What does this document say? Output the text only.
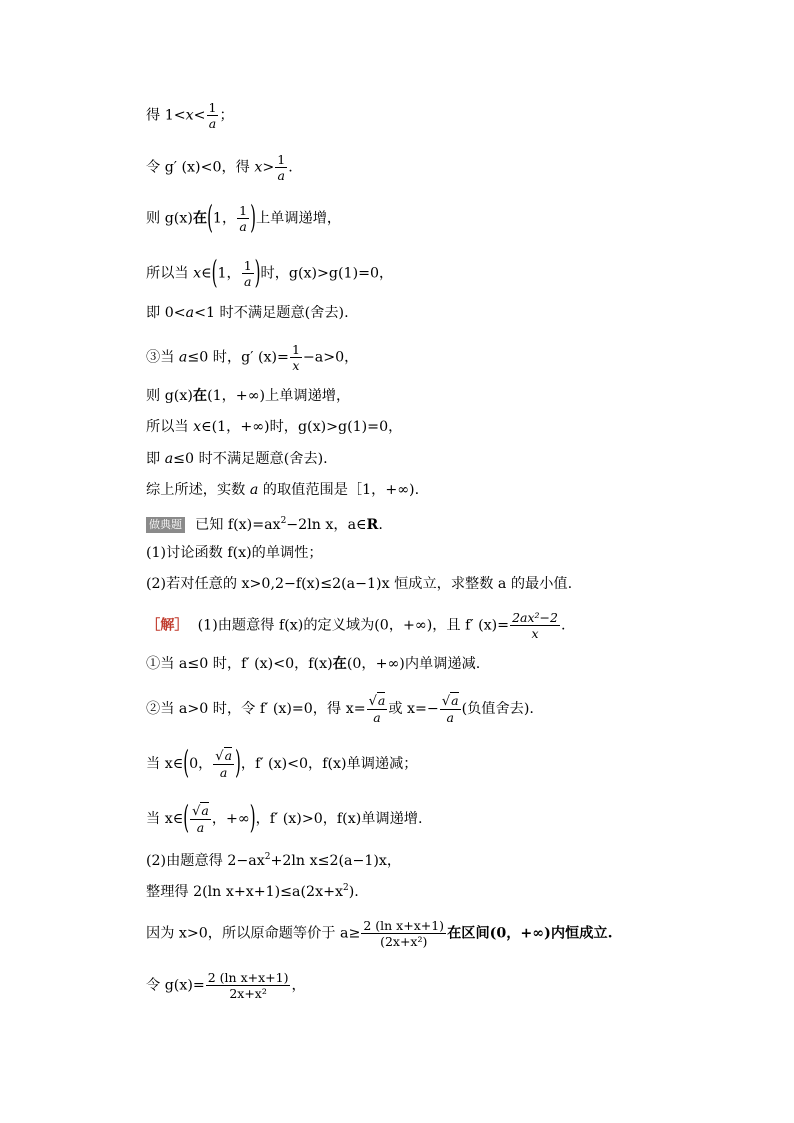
得 $1<x< \frac{1}{a}$ ；
令 g′ (x)<0，得 $x> \frac{1}{a}$ .
则 g(x)在(1， $\frac{1}{a}$ )上单调递增，
所以当 x∈(1， $\frac{1}{a}$ )时，g(x)>g(1)=0，
即 0<a<1 时不满足题意(舍去).
③当 a≤0 时，g′ $(x)= \frac{1}{x} -a>0$，
则 g(x)在(1，+∞)上单调递增，
所以当 x∈(1，+∞)时，g(x)>g(1)=0，
即 a≤0 时不满足题意(舍去).
综上所述，实数 a 的取值范围是［1，+∞).
做典题 已知 $f(x)=ax^2-2\ln$ x，a∈R.
(1)讨论函数 f(x)的单调性；
(2)若对任意的 x>0,2−f(x)≤2(a−1)x 恒成立，求整数 a 的最小值.
［解］ (1)由题意得 f(x)的定义域为(0，+∞)，且 f′ $(x)= \frac{\text{2ax²−2}}{x}$ .
①当 a≤0 时，f′ (x)<0，f(x)在(0，+∞)内单调递减.
②当 a>0 时，令 f′ (x)=0，得 $x= \frac{√a}{a}$ 或 $x=- \frac{√a}{a}$ (负值舍去).
当 x∈(0， $\frac{√a}{a}$ )，f′ (x)<0，f(x)单调递减；
当 x∈( $\frac{√a}{a}$ ，+∞)，f′ (x)>0，f(x)单调递增.
(2)由题意得 $2-ax^2+2\ln$ x≤2(a−1)x，
整理得 2(ln $x+x+1)\le a(2x+x^2)$.
因为 x>0，所以原命题等价于 $a\ge \frac{\text{2 (ln x+x+1)}}{\text{(2x+x²)}}$ 在区间(0，+∞)内恒成立.
令 $g(x)= \frac{\text{2 (ln x+x+1)}}{\text{2x+x²}}$ ，
